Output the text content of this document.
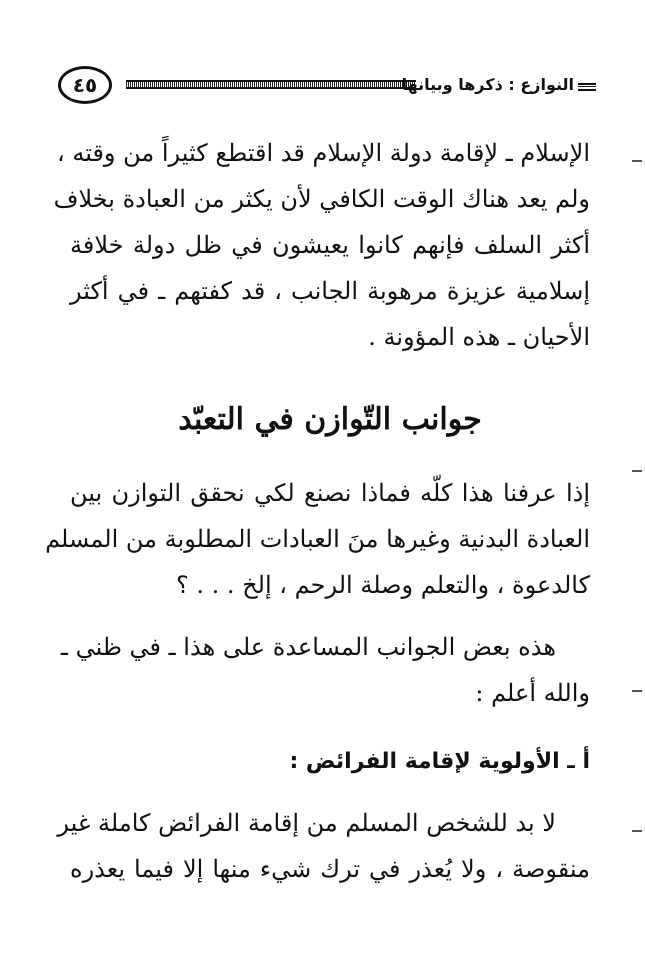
٤٥	النوازع : ذكرها وبيانها
الإسلام ـ لإقامة دولة الإسلام قد اقتطع كثيراً من وقته ،
ولم يعد هناك الوقت الكافي لأن يكثر من العبادة بخلاف
أكثر السلف فإنهم كانوا يعيشون في ظل دولة خلافة
إسلامية عزيزة مرهوبة الجانب ، قد كفتهم ـ في أكثر
الأحيان ـ هذه المؤونة .
جوانب التّوازن في التعبّد
إذا عرفنا هذا كلّه فماذا نصنع لكي نحقق التوازن بين
العبادة البدنية وغيرها منَ العبادات المطلوبة من المسلم
كالدعوة ، والتعلم وصلة الرحم ، إلخ . . . ؟
هذه بعض الجوانب المساعدة على هذا ـ في ظني ـ
والله أعلم :
أ ـ الأولوية لإقامة الفرائض :
لا بد للشخص المسلم من إقامة الفرائض كاملة غير
منقوصة ، ولا يُعذر في ترك شيء منها إلا فيما يعذره
